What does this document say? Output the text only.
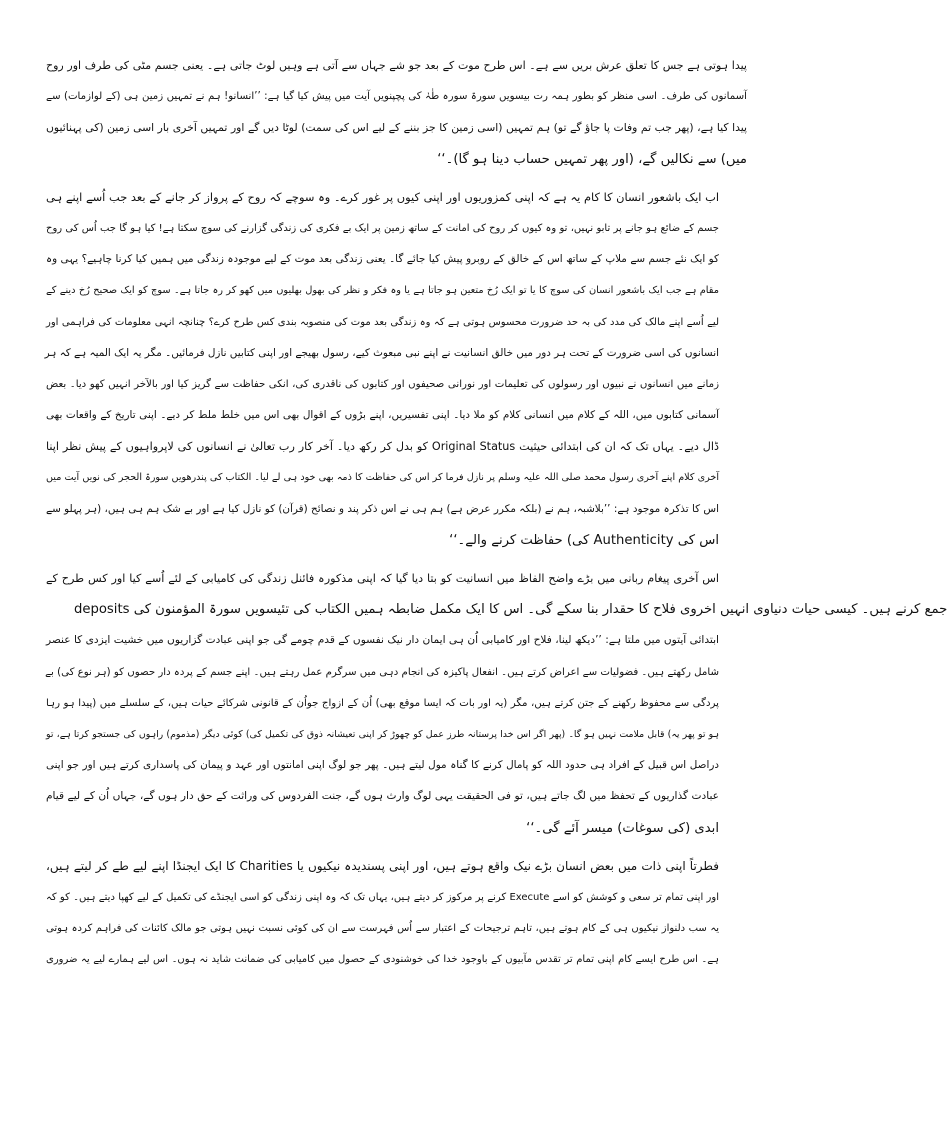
پیدا ہوتی ہے جس کا تعلق عرش بریں سے ہے۔ اس طرح موت کے بعد جو شے جہاں سے آتی ہے وہیں لوٹ جاتی ہے۔ یعنی جسم مٹی کی طرف اور روح
آسمانوں کی طرف۔ اسی منظر کو بطور ہمہ رت بیسویں سورۃ سورہ طٰہٰ کی پچپنویں آیت میں پیش کیا گیا ہے: ’’انسانو! ہم نے تمہیں زمین ہی (کے لوازمات) سے
پیدا کیا ہے، (پھر جب تم وفات پا جاؤ گے تو) ہم تمہیں (اسی زمین کا جز بننے کے لیے اس کی سمت) لوٹا دیں گے اور تمہیں آخری بار اسی زمین (کی پہنائیوں
میں) سے نکالیں گے، (اور پھر تمہیں حساب دینا ہو گا)۔‘‘
اب ایک باشعور انسان کا کام یہ ہے کہ اپنی کمزوریوں اور اپنی کیوں پر غور کرے۔ وہ سوچے کہ روح کے پرواز کر جانے کے بعد جب اُسے اپنے ہی
جسم کے ضائع ہو جانے پر تابو نہیں، تو وہ کیوں کر روح کی امانت کے ساتھ زمین پر ایک بے فکری کی زندگی گزارنے کی سوچ سکتا ہے! کیا ہو گا جب اُس کی روح
کو ایک نئے جسم سے ملاپ کے ساتھ اس کے خالق کے روبرو پیش کیا جائے گا۔ یعنی زندگی بعد موت کے لیے موجودہ زندگی میں ہمیں کیا کرنا چاہیے؟ یہی وہ
مقام ہے جب ایک باشعور انسان کی سوچ کا یا تو ایک رُخ متعین ہو جاتا ہے یا وہ فکر و نظر کی بھول بھلیوں میں کھو کر رہ جاتا ہے۔ سوچ کو ایک صحیح رُخ دینے کے
لیے اُسے اپنے مالک کی مدد کی بہ حد ضرورت محسوس ہوتی ہے کہ وہ زندگی بعد موت کی منصوبہ بندی کس طرح کرے؟ چنانچہ انہی معلومات کی فراہمی اور
انسانوں کی اسی ضرورت کے تحت ہر دور میں خالق انسانیت نے اپنے نبی مبعوث کیے، رسول بھیجے اور اپنی کتابیں نازل فرمائیں۔ مگر یہ ایک المیہ ہے کہ ہر
زمانے میں انسانوں نے نبیوں اور رسولوں کی تعلیمات اور نورانی صحیفوں اور کتابوں کی ناقدری کی، انکی حفاظت سے گریز کیا اور بالآخر انہیں کھو دیا۔ بعض
آسمانی کتابوں میں، اللہ کے کلام میں انسانی کلام کو ملا دیا۔ اپنی تفسیریں، اپنے بڑوں کے اقوال بھی اس میں خلط ملط کر دیے۔ اپنی تاریخ کے واقعات بھی
ڈال دیے۔ یہاں تک کہ ان کی ابتدائی حیثیت Original Status کو بدل کر رکھ دیا۔ آخر کار رب تعالیٰ نے انسانوں کی لاپرواہیوں کے پیش نظر اپنا
آخری کلام اپنے آخری رسول محمد صلی اللہ علیہ وسلم پر نازل فرما کر اس کی حفاظت کا ذمہ بھی خود ہی لے لیا۔ الکتاب کی پندرھویں سورۃ الحجر کی نویں آیت میں
اس کا تذکرہ موجود ہے: ’’بلاشبہ، ہم نے (بلکہ مکرر عرض ہے) ہم ہی نے اس ذکر پند و نصائح (قرآن) کو نازل کیا ہے اور بے شک ہم ہی ہیں، (ہر پہلو سے
اس کی Authenticity کی) حفاظت کرنے والے۔‘‘
اس آخری پیغام ربانی میں بڑے واضح الفاظ میں انسانیت کو بتا دیا گیا کہ اپنی مذکورہ فائنل زندگی کی کامیابی کے لئے اُسے کیا اور کس طرح کے
deposits جمع کرنے ہیں۔ کیسی حیات دنیاوی انہیں اخروی فلاح کا حقدار بنا سکے گی۔ اس کا ایک مکمل ضابطہ ہمیں الکتاب کی تئیسویں سورۃ المؤمنون کی
ابتدائی آیتوں میں ملتا ہے: ’’دیکھ لینا، فلاح اور کامیابی اُن ہی ایمان دار نیک نفسوں کے قدم چومے گی جو اپنی عبادت گزاریوں میں خشیت ایزدی کا عنصر
شامل رکھتے ہیں۔ فضولیات سے اعراض کرتے ہیں۔ انفعال پاکیزہ کی انجام دہی میں سرگرم عمل رہتے ہیں۔ اپنے جسم کے پردہ دار حصوں کو (ہر نوع کی) بے
پردگی سے محفوظ رکھنے کے جتن کرتے ہیں، مگر (یہ اور بات کہ ایسا موقع بھی) اُن کے ازواج جواُن کے قانونی شرکائے حیات ہیں، کے سلسلے میں (پیدا ہو رہا
ہو تو پھر یہ) قابل ملامت نہیں ہو گا۔ (پھر اگر اس خدا پرستانہ طرز عمل کو چھوڑ کر اپنی تعیشانہ ذوق کی تکمیل کی) کوئی دیگر (مذموم) راہوں کی جستجو کرتا ہے، تو
دراصل اس قبیل کے افراد ہی حدود اللہ کو پامال کرنے کا گناہ مول لیتے ہیں۔ پھر جو لوگ اپنی امانتوں اور عہد و پیمان کی پاسداری کرتے ہیں اور جو اپنی
عبادت گذاریوں کے تحفظ میں لگ جاتے ہیں، تو فی الحقیقت یہی لوگ وارث ہوں گے، جنت الفردوس کی وراثت کے حق دار ہوں گے، جہاں اُن کے لیے قیام
ابدی (کی سوغات) میسر آئے گی۔‘‘
فطرتاً اپنی ذات میں بعض انسان بڑے نیک واقع ہوتے ہیں، اور اپنی پسندیدہ نیکیوں یا Charities کا ایک ایجنڈا اپنے لیے طے کر لیتے ہیں،
اور اپنی تمام تر سعی و کوشش کو اسے Execute کرنے پر مرکوز کر دیتے ہیں، یہاں تک کہ وہ اپنی زندگی کو اسی ایجنڈے کی تکمیل کے لیے کھپا دیتے ہیں۔ کو کہ
یہ سب دلنواز نیکیوں ہی کے کام ہوتے ہیں، تاہم ترجیحات کے اعتبار سے اُس فہرست سے ان کی کوئی نسبت نہیں ہوتی جو مالک کائنات کی فراہم کردہ ہوتی
ہے۔ اس طرح ایسے کام اپنی تمام تر تقدس مآبیوں کے باوجود خدا کی خوشنودی کے حصول میں کامیابی کی ضمانت شاید نہ ہوں۔ اس لیے ہمارے لیے یہ ضروری
